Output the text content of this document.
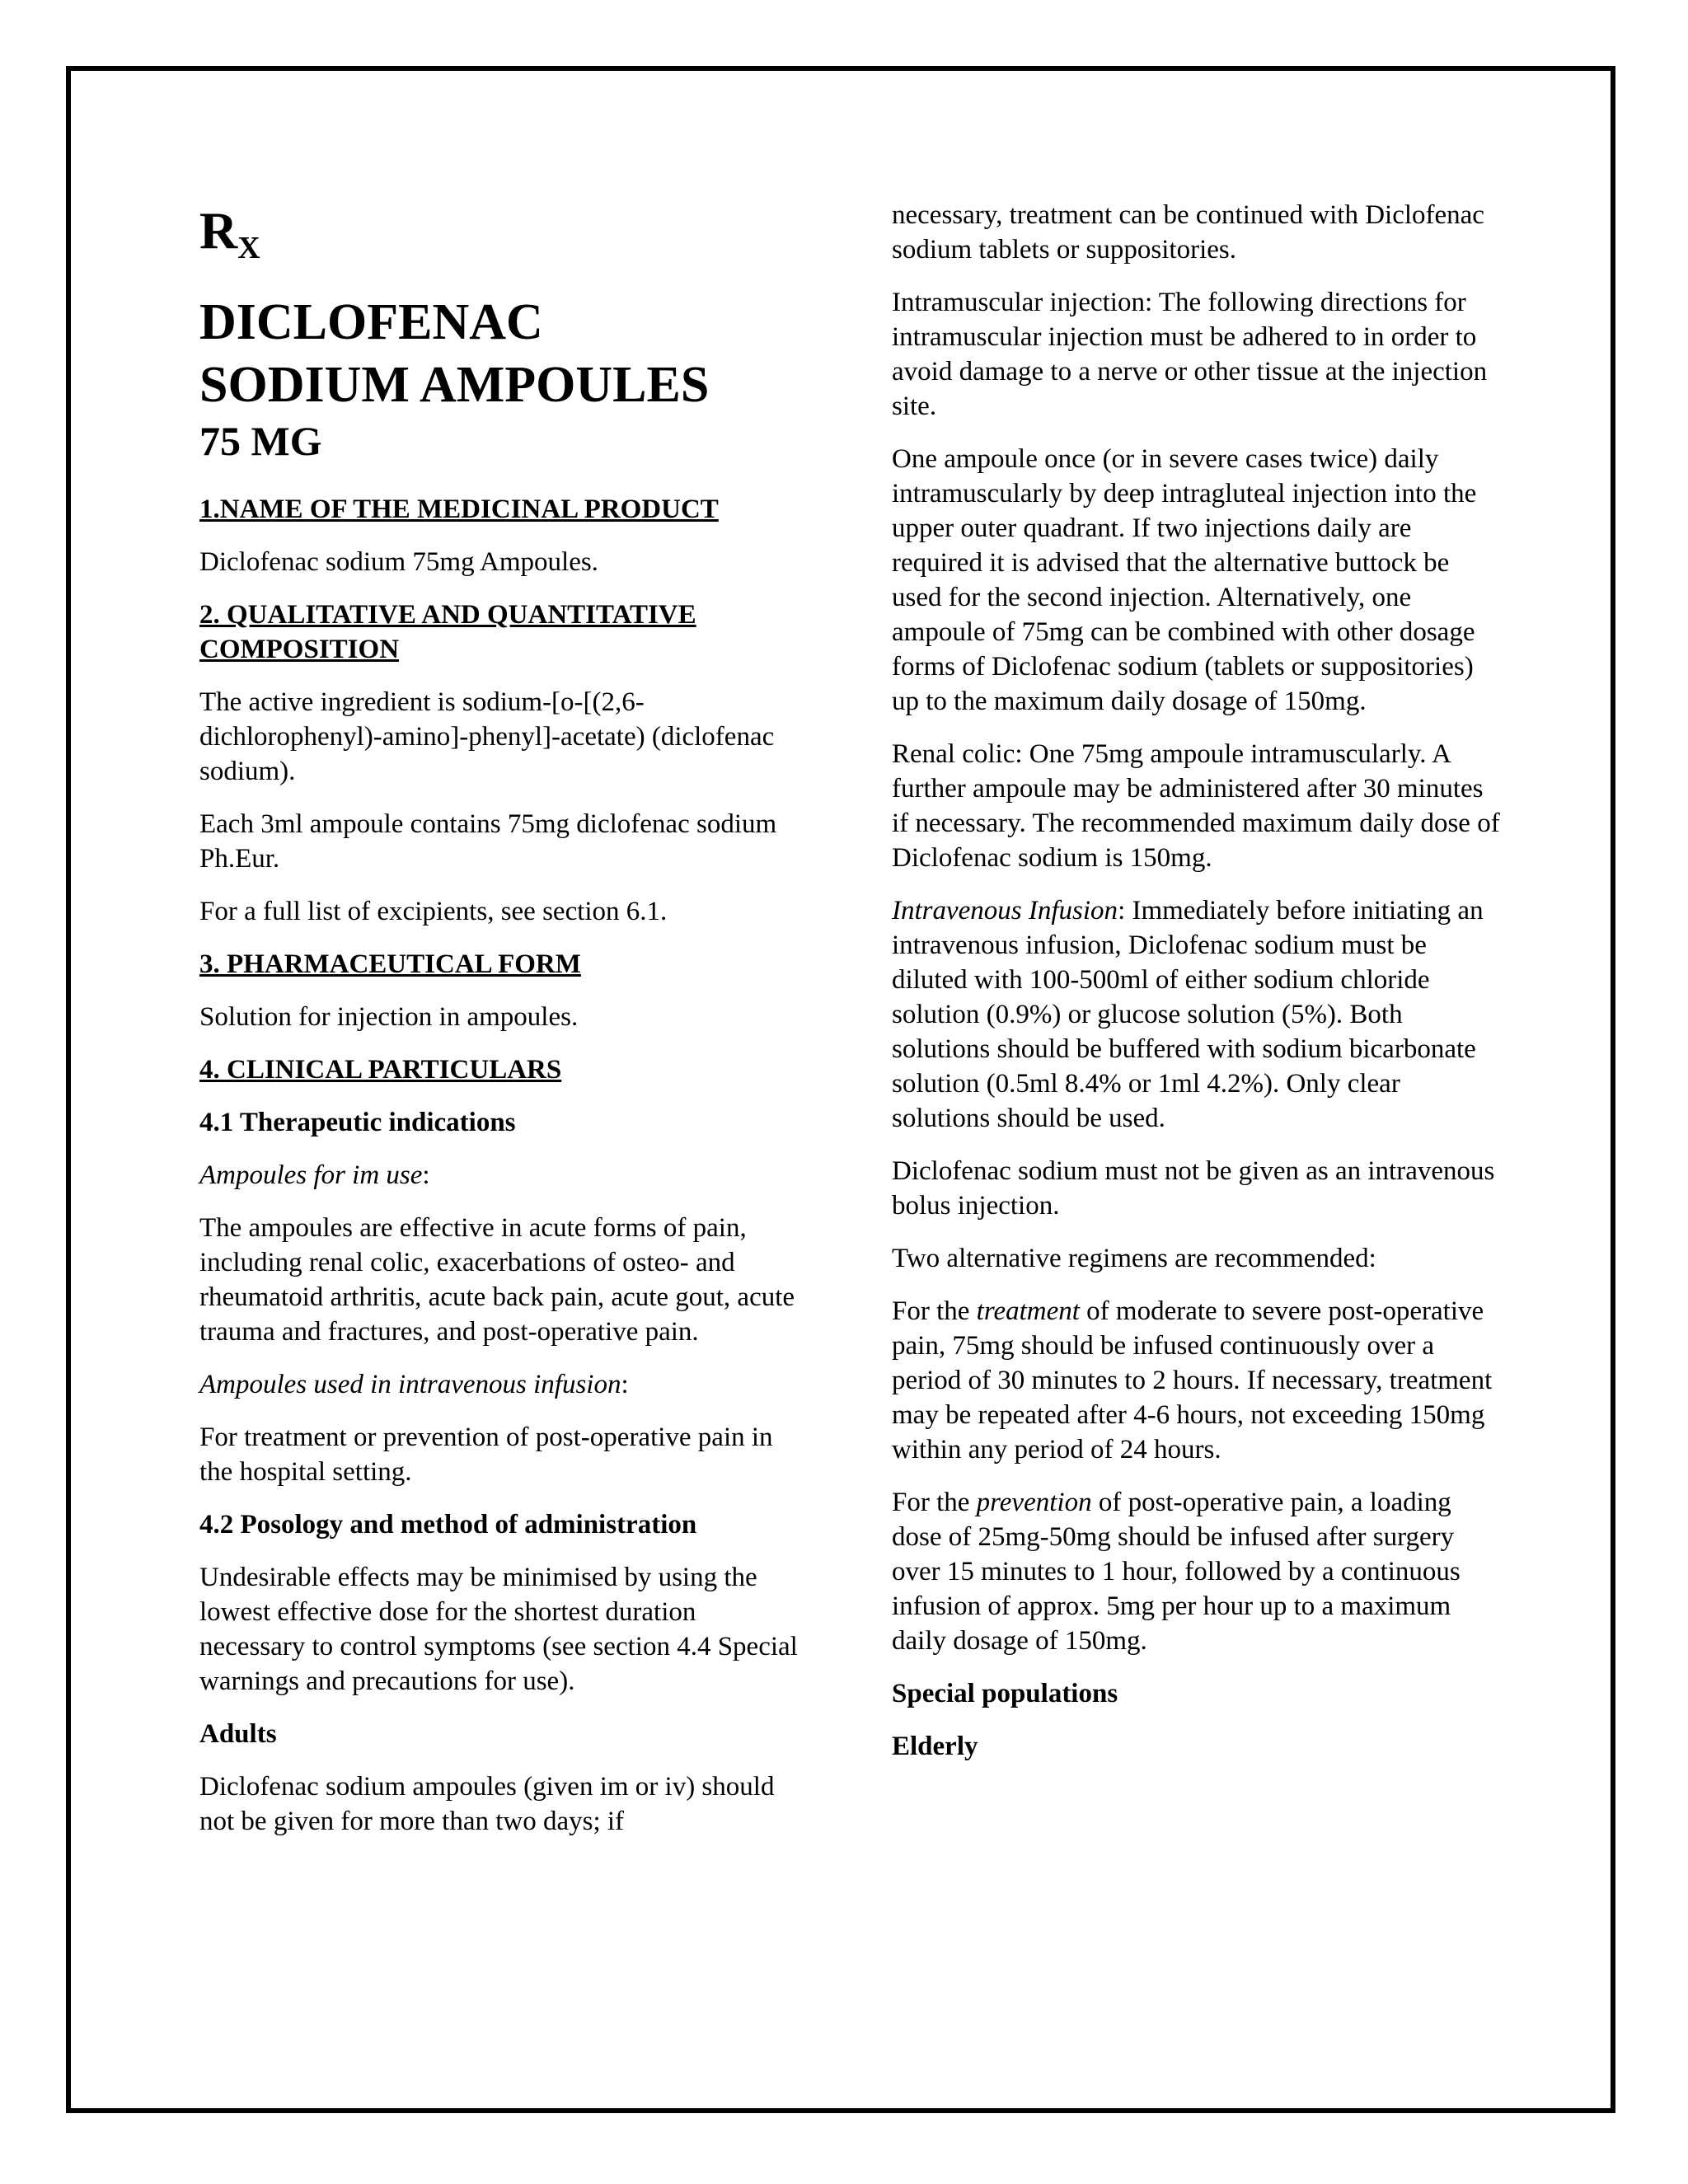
$R_X$
DICLOFENAC
SODIUM AMPOULES
75 MG

1.NAME OF THE MEDICINAL PRODUCT

Diclofenac sodium 75mg Ampoules.

2. QUALITATIVE AND QUANTITATIVE COMPOSITION

The active ingredient is sodium-[o-[(2,6-dichlorophenyl)-amino]-phenyl]-acetate) (diclofenac sodium).

Each 3ml ampoule contains 75mg diclofenac sodium Ph.Eur.

For a full list of excipients, see section 6.1.

3. PHARMACEUTICAL FORM

Solution for injection in ampoules.

4. CLINICAL PARTICULARS

4.1 Therapeutic indications

Ampoules for im use:

The ampoules are effective in acute forms of pain, including renal colic, exacerbations of osteo- and rheumatoid arthritis, acute back pain, acute gout, acute trauma and fractures, and post-operative pain.

Ampoules used in intravenous infusion:

For treatment or prevention of post-operative pain in the hospital setting.

4.2 Posology and method of administration

Undesirable effects may be minimised by using the lowest effective dose for the shortest duration necessary to control symptoms (see section 4.4 Special warnings and precautions for use).

Adults

Diclofenac sodium ampoules (given im or iv) should not be given for more than two days; if

necessary, treatment can be continued with Diclofenac sodium tablets or suppositories.

Intramuscular injection: The following directions for intramuscular injection must be adhered to in order to avoid damage to a nerve or other tissue at the injection site.

One ampoule once (or in severe cases twice) daily intramuscularly by deep intragluteal injection into the upper outer quadrant. If two injections daily are required it is advised that the alternative buttock be used for the second injection. Alternatively, one ampoule of 75mg can be combined with other dosage forms of Diclofenac sodium (tablets or suppositories) up to the maximum daily dosage of 150mg.

Renal colic: One 75mg ampoule intramuscularly. A further ampoule may be administered after 30 minutes if necessary. The recommended maximum daily dose of Diclofenac sodium is 150mg.

Intravenous Infusion: Immediately before initiating an intravenous infusion, Diclofenac sodium must be diluted with 100-500ml of either sodium chloride solution (0.9%) or glucose solution (5%). Both solutions should be buffered with sodium bicarbonate solution (0.5ml 8.4% or 1ml 4.2%). Only clear solutions should be used.

Diclofenac sodium must not be given as an intravenous bolus injection.

Two alternative regimens are recommended:

For the treatment of moderate to severe post-operative pain, 75mg should be infused continuously over a period of 30 minutes to 2 hours. If necessary, treatment may be repeated after 4-6 hours, not exceeding 150mg within any period of 24 hours.

For the prevention of post-operative pain, a loading dose of 25mg-50mg should be infused after surgery over 15 minutes to 1 hour, followed by a continuous infusion of approx. 5mg per hour up to a maximum daily dosage of 150mg.

Special populations

Elderly
